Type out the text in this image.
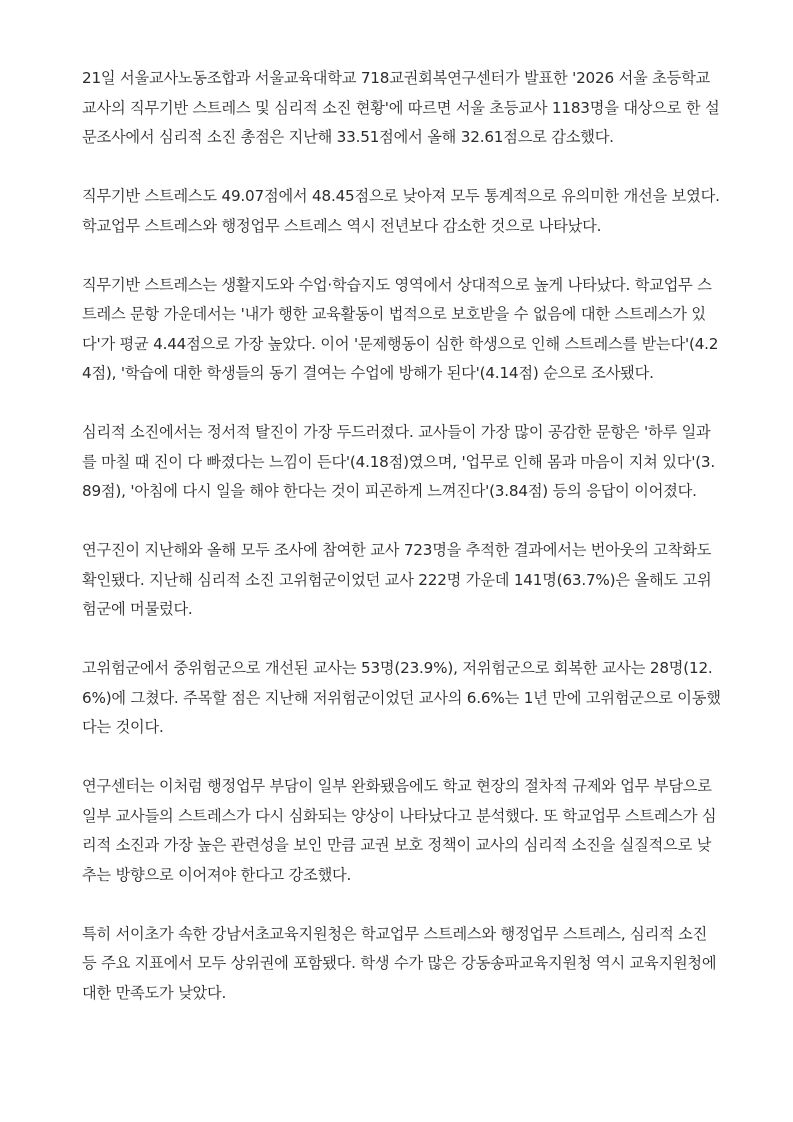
21일 서울교사노동조합과 서울교육대학교 718교권회복연구센터가 발표한 '2026 서울 초등학교 교사의 직무기반 스트레스 및 심리적 소진 현황'에 따르면 서울 초등교사 1183명을 대상으로 한 설문조사에서 심리적 소진 총점은 지난해 33.51점에서 올해 32.61점으로 감소했다.

직무기반 스트레스도 49.07점에서 48.45점으로 낮아져 모두 통계적으로 유의미한 개선을 보였다. 학교업무 스트레스와 행정업무 스트레스 역시 전년보다 감소한 것으로 나타났다.

직무기반 스트레스는 생활지도와 수업·학습지도 영역에서 상대적으로 높게 나타났다. 학교업무 스트레스 문항 가운데서는 '내가 행한 교육활동이 법적으로 보호받을 수 없음에 대한 스트레스가 있다'가 평균 4.44점으로 가장 높았다. 이어 '문제행동이 심한 학생으로 인해 스트레스를 받는다'(4.24점), '학습에 대한 학생들의 동기 결여는 수업에 방해가 된다'(4.14점) 순으로 조사됐다.

심리적 소진에서는 정서적 탈진이 가장 두드러졌다. 교사들이 가장 많이 공감한 문항은 '하루 일과를 마칠 때 진이 다 빠졌다는 느낌이 든다'(4.18점)였으며, '업무로 인해 몸과 마음이 지쳐 있다'(3.89점), '아침에 다시 일을 해야 한다는 것이 피곤하게 느껴진다'(3.84점) 등의 응답이 이어졌다.

연구진이 지난해와 올해 모두 조사에 참여한 교사 723명을 추적한 결과에서는 번아웃의 고착화도 확인됐다. 지난해 심리적 소진 고위험군이었던 교사 222명 가운데 141명(63.7%)은 올해도 고위험군에 머물렀다.

고위험군에서 중위험군으로 개선된 교사는 53명(23.9%), 저위험군으로 회복한 교사는 28명(12.6%)에 그쳤다. 주목할 점은 지난해 저위험군이었던 교사의 6.6%는 1년 만에 고위험군으로 이동했다는 것이다.

연구센터는 이처럼 행정업무 부담이 일부 완화됐음에도 학교 현장의 절차적 규제와 업무 부담으로 일부 교사들의 스트레스가 다시 심화되는 양상이 나타났다고 분석했다. 또 학교업무 스트레스가 심리적 소진과 가장 높은 관련성을 보인 만큼 교권 보호 정책이 교사의 심리적 소진을 실질적으로 낮추는 방향으로 이어져야 한다고 강조했다.

특히 서이초가 속한 강남서초교육지원청은 학교업무 스트레스와 행정업무 스트레스, 심리적 소진 등 주요 지표에서 모두 상위권에 포함됐다. 학생 수가 많은 강동송파교육지원청 역시 교육지원청에 대한 만족도가 낮았다.
